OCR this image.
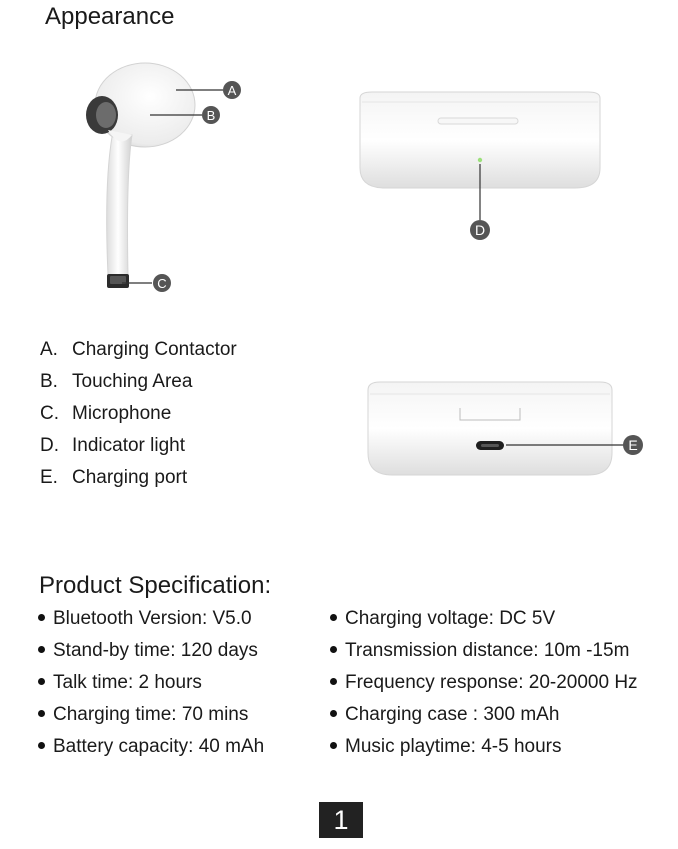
Appearance
A
B
C
D
E
A. Charging Contactor
B. Touching Area
C. Microphone
D. Indicator light
E. Charging port
Product Specification:
Bluetooth Version: V5.0
Stand-by time: 120 days
Talk time: 2 hours
Charging time: 70 mins
Battery capacity: 40 mAh
Charging voltage: DC 5V
Transmission distance: 10m -15m
Frequency response: 20-20000 Hz
Charging case : 300 mAh
Music playtime: 4-5 hours
1
